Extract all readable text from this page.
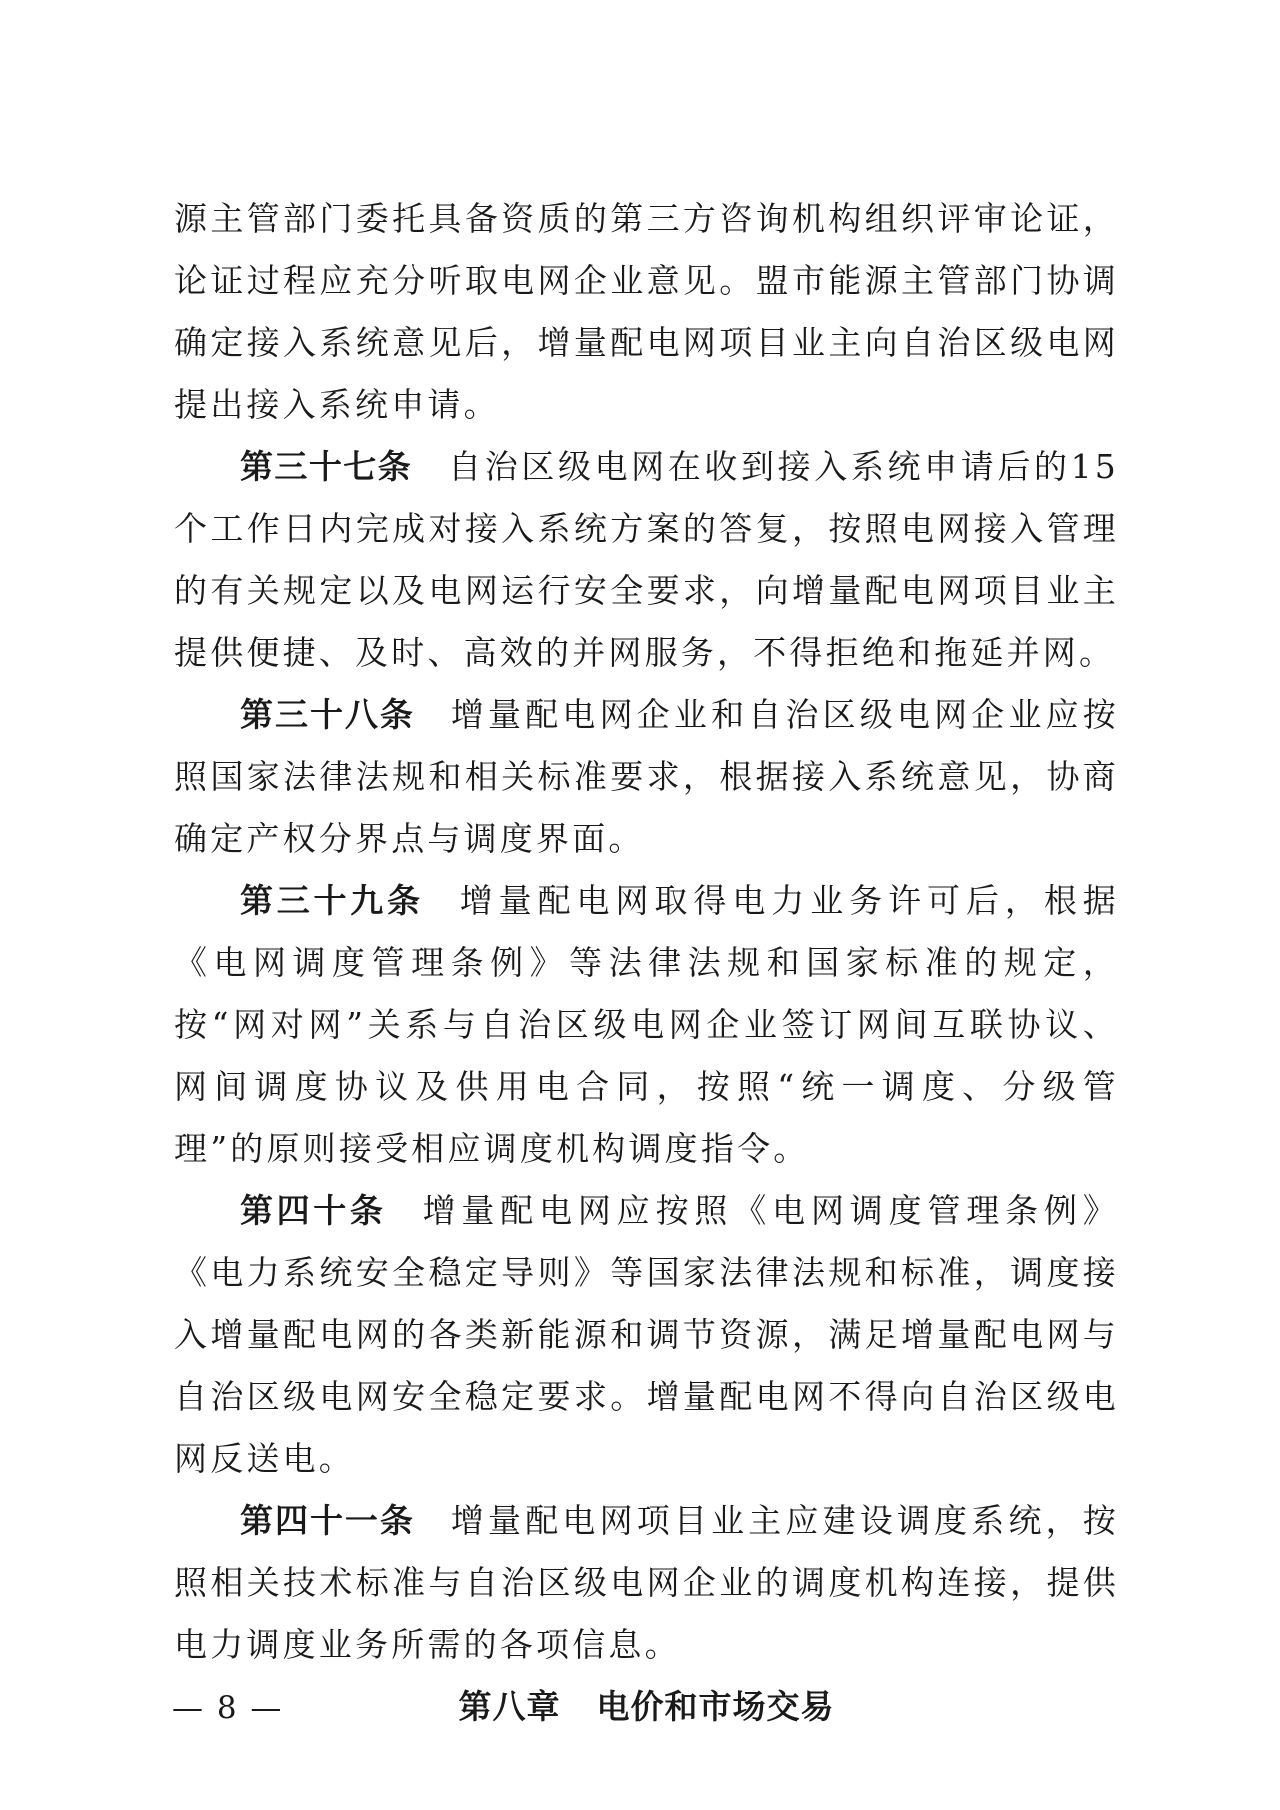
源主管部门委托具备资质的第三方咨询机构组织评审论证，论证过程应充分听取电网企业意见。盟市能源主管部门协调确定接入系统意见后，增量配电网项目业主向自治区级电网提出接入系统申请。

第三十七条 自治区级电网在收到接入系统申请后的15个工作日内完成对接入系统方案的答复，按照电网接入管理的有关规定以及电网运行安全要求，向增量配电网项目业主提供便捷、及时、高效的并网服务，不得拒绝和拖延并网。

第三十八条 增量配电网企业和自治区级电网企业应按照国家法律法规和相关标准要求，根据接入系统意见，协商确定产权分界点与调度界面。

第三十九条 增量配电网取得电力业务许可后，根据《电网调度管理条例》等法律法规和国家标准的规定，按“网对网”关系与自治区级电网企业签订网间互联协议、网间调度协议及供用电合同，按照“统一调度、分级管理”的原则接受相应调度机构调度指令。

第四十条 增量配电网应按照《电网调度管理条例》《电力系统安全稳定导则》等国家法律法规和标准，调度接入增量配电网的各类新能源和调节资源，满足增量配电网与自治区级电网安全稳定要求。增量配电网不得向自治区级电网反送电。

第四十一条 增量配电网项目业主应建设调度系统，按照相关技术标准与自治区级电网企业的调度机构连接，提供电力调度业务所需的各项信息。

第八章 电价和市场交易

— 8 —
